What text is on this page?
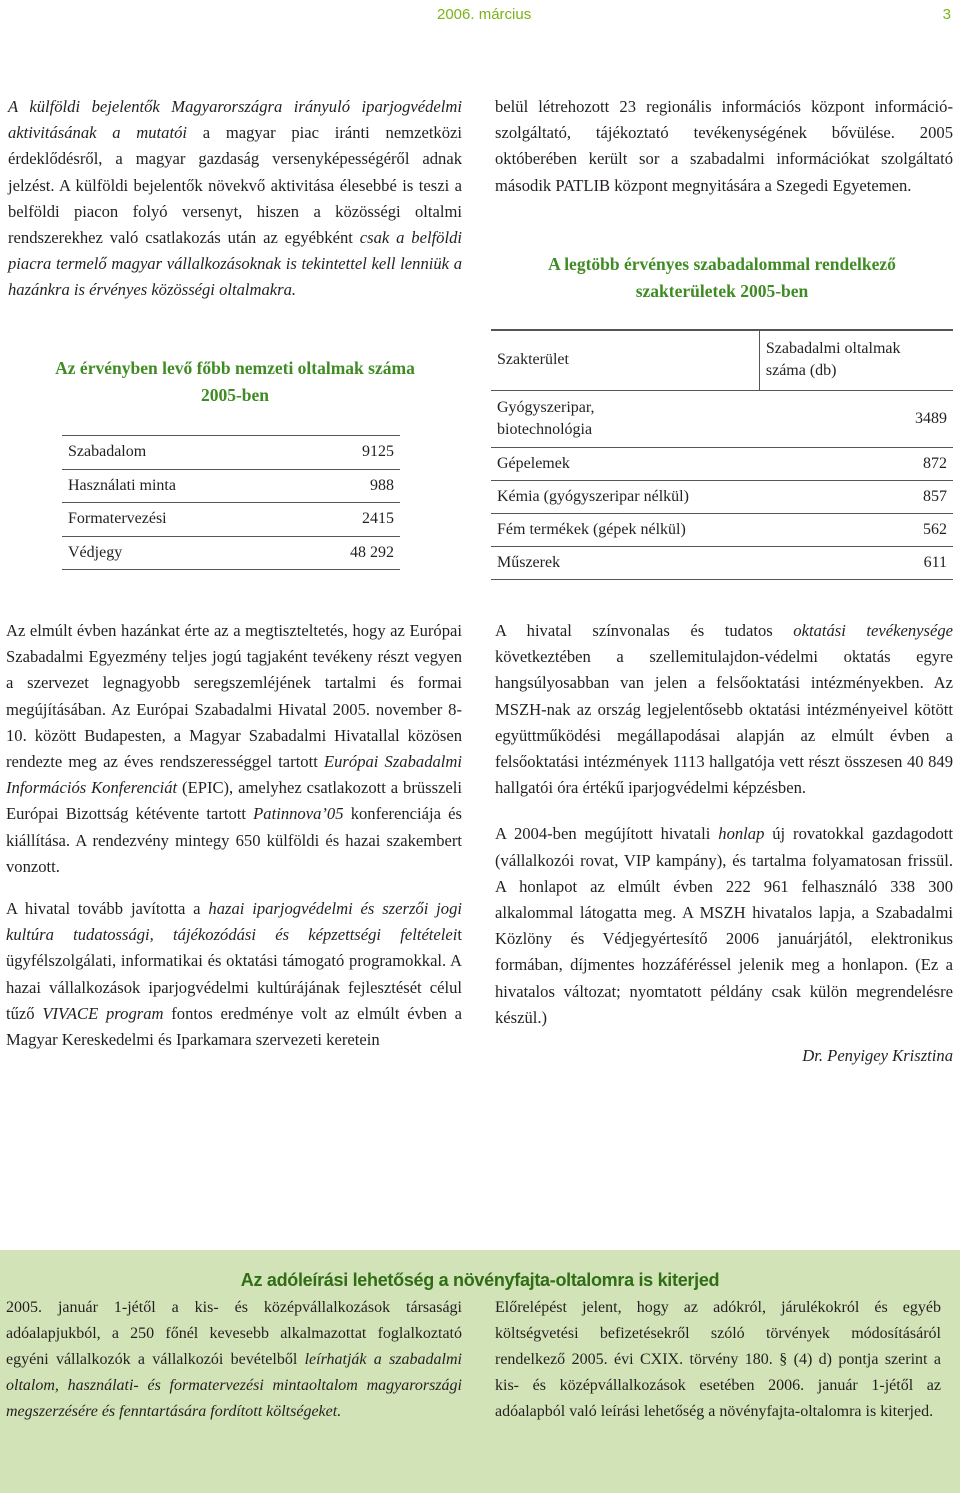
2006. március	3

A külföldi bejelentők Magyarországra irányuló iparjogvédelmi aktivitásának a mutatói a magyar piac iránti nemzetközi érdeklődésről, a magyar gazdaság versenyképességéről adnak jelzést. A külföldi bejelentők növekvő aktivitása élesebbé is teszi a belföldi piacon folyó versenyt, hiszen a közösségi oltalmi rendszerekhez való csatlakozás után az egyébként csak a belföldi piacra termelő magyar vállalkozásoknak is tekintettel kell lenniük a hazánkra is érvényes közösségi oltalmakra.

Az érvényben levő főbb nemzeti oltalmak száma
2005-ben
Szabadalom	9125
Használati minta	988
Formatervezési	2415
Védjegy	48 292

belül létrehozott 23 regionális információs központ információ-szolgáltató, tájékoztató tevékenységének bővülése. 2005 októberében került sor a szabadalmi információkat szolgáltató második PATLIB központ megnyitására a Szegedi Egyetemen.

A legtöbb érvényes szabadalommal rendelkező
szakterületek 2005-ben
Szakterület	Szabadalmi oltalmak
száma (db)

Gyógyszeripar,
biotechnológia	3489
Gépelemek	872
Kémia (gyógyszeripar nélkül)	857
Fém termékek (gépek nélkül)	562
Műszerek	611

Az elmúlt évben hazánkat érte az a megtiszteltetés, hogy az Európai Szabadalmi Egyezmény teljes jogú tagjaként tevékeny részt vegyen a szervezet legnagyobb seregszemléjének tartalmi és formai megújításában. Az Európai Szabadalmi Hivatal 2005. november 8-10. között Budapesten, a Magyar Szabadalmi Hivatallal közösen rendezte meg az éves rendszerességgel tartott Európai Szabadalmi Információs Konferenciát (EPIC), amelyhez csatlakozott a brüsszeli Európai Bizottság kétévente tartott Patinnova’05 konferenciája és kiállítása. A rendezvény mintegy 650 külföldi és hazai szakembert vonzott.

A hivatal tovább javította a hazai iparjogvédelmi és szerzői jogi kultúra tudatossági, tájékozódási és képzettségi feltételeit ügyfélszolgálati, informatikai és oktatási támogató programokkal. A hazai vállalkozások iparjogvédelmi kultúrájának fejlesztését célul tűző VIVACE program fontos eredménye volt az elmúlt évben a Magyar Kereskedelmi és Iparkamara szervezeti keretein

A hivatal színvonalas és tudatos oktatási tevékenysége következtében a szellemitulajdon-védelmi oktatás egyre hangsúlyosabban van jelen a felsőoktatási intézményekben. Az MSZH-nak az ország legjelentősebb oktatási intézményeivel kötött együttműködési megállapodásai alapján az elmúlt évben a felsőoktatási intézmények 1113 hallgatója vett részt összesen 40 849 hallgatói óra értékű iparjogvédelmi képzésben.

A 2004-ben megújított hivatali honlap új rovatokkal gazdagodott (vállalkozói rovat, VIP kampány), és tartalma folyamatosan frissül. A honlapot az elmúlt évben 222 961 felhasználó 338 300 alkalommal látogatta meg. A MSZH hivatalos lapja, a Szabadalmi Közlöny és Védjegyértesítő 2006 januárjától, elektronikus formában, díjmentes hozzáféréssel jelenik meg a honlapon. (Ez a hivatalos változat; nyomtatott példány csak külön megrendelésre készül.)

Dr. Penyigey Krisztina
Az adóleírási lehetőség a növényfajta-oltalomra is kiterjed

2005. január 1-jétől a kis- és középvállalkozások társasági adóalapjukból, a 250 főnél kevesebb alkalmazottat foglalkoztató egyéni vállalkozók a vállalkozói bevételből leírhatják a szabadalmi oltalom, használati- és formatervezési mintaoltalom magyarországi megszerzésére és fenntartására fordított költségeket.

Előrelépést jelent, hogy az adókról, járulékokról és egyéb költségvetési befizetésekről szóló törvények módosításáról rendelkező 2005. évi CXIX. törvény 180. § (4) d) pontja szerint a kis- és középvállalkozások esetében 2006. január 1-jétől az adóalapból való leírási lehetőség a növényfajta-oltalomra is kiterjed.
